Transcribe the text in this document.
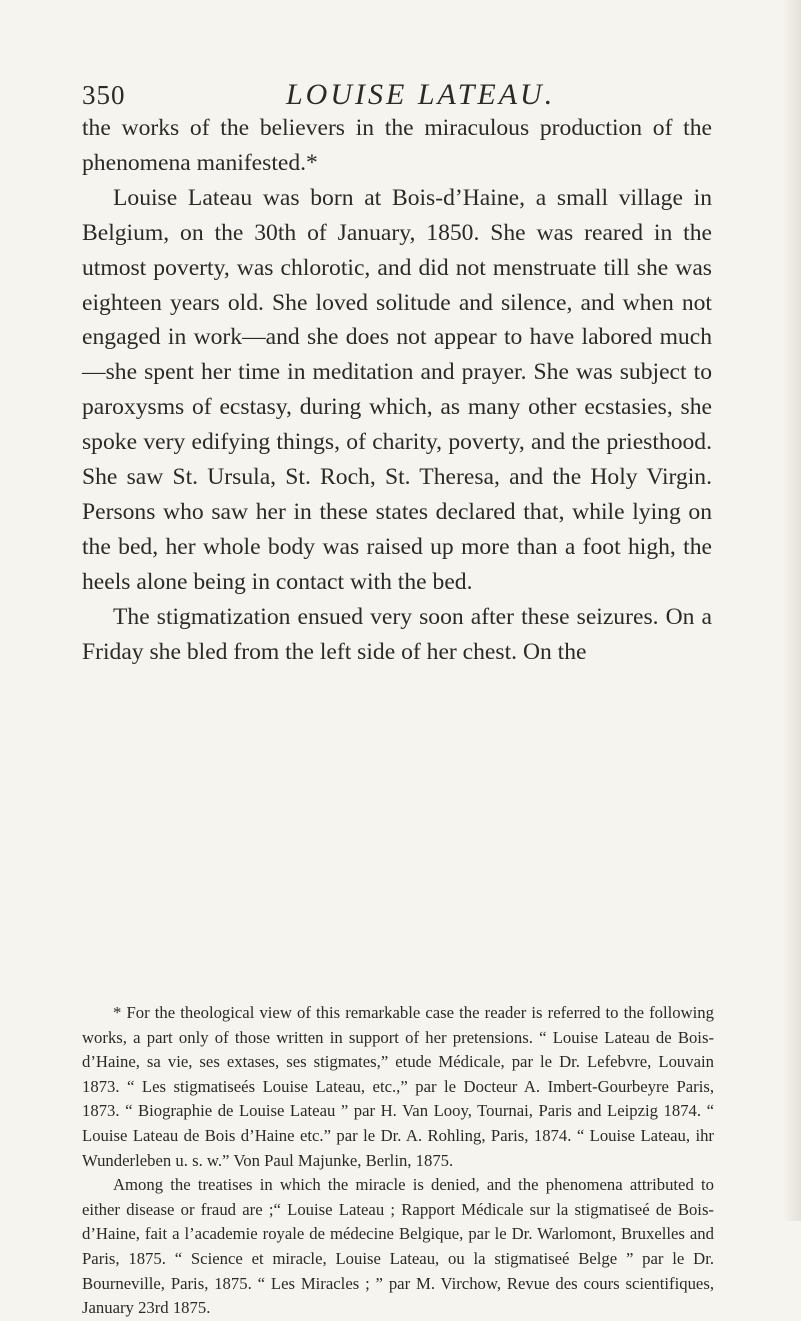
350	LOUISE LATEAU.

the works of the believers in the miraculous production of the phenomena manifested.*

Louise Lateau was born at Bois-d’Haine, a small village in Belgium, on the 30th of January, 1850. She was reared in the utmost poverty, was chlorotic, and did not menstruate till she was eighteen years old. She loved solitude and silence, and when not engaged in work—and she does not appear to have labored much—she spent her time in meditation and prayer. She was subject to paroxysms of ecstasy, during which, as many other ecstasies, she spoke very edifying things, of charity, poverty, and the priesthood. She saw St. Ursula, St. Roch, St. Theresa, and the Holy Virgin. Persons who saw her in these states declared that, while lying on the bed, her whole body was raised up more than a foot high, the heels alone being in contact with the bed.

The stigmatization ensued very soon after these seizures. On a Friday she bled from the left side of her chest. On the

* For the theological view of this remarkable case the reader is referred to the following works, a part only of those written in support of her pretensions. “ Louise Lateau de Bois-d’Haine, sa vie, ses extases, ses stigmates,” etude Médicale, par le Dr. Lefebvre, Louvain 1873. “ Les stigmatiseés Louise Lateau, etc.,” par le Docteur A. Imbert-Gourbeyre Paris, 1873. “ Biographie de Louise Lateau ” par H. Van Looy, Tournai, Paris and Leipzig 1874. “ Louise Lateau de Bois d’Haine etc.” par le Dr. A. Rohling, Paris, 1874. “ Louise Lateau, ihr Wunderleben u. s. w.” Von Paul Majunke, Berlin, 1875.

Among the treatises in which the miracle is denied, and the phenomena attributed to either disease or fraud are ;“ Louise Lateau ; Rapport Médicale sur la stigmatiseé de Bois-d’Haine, fait a l’academie royale de médecine Belgique, par le Dr. Warlomont, Bruxelles and Paris, 1875. “ Science et miracle, Louise Lateau, ou la stigmatiseé Belge ” par le Dr. Bourneville, Paris, 1875. “ Les Miracles ; ” par M. Virchow, Revue des cours scientifiques, January 23rd 1875.
